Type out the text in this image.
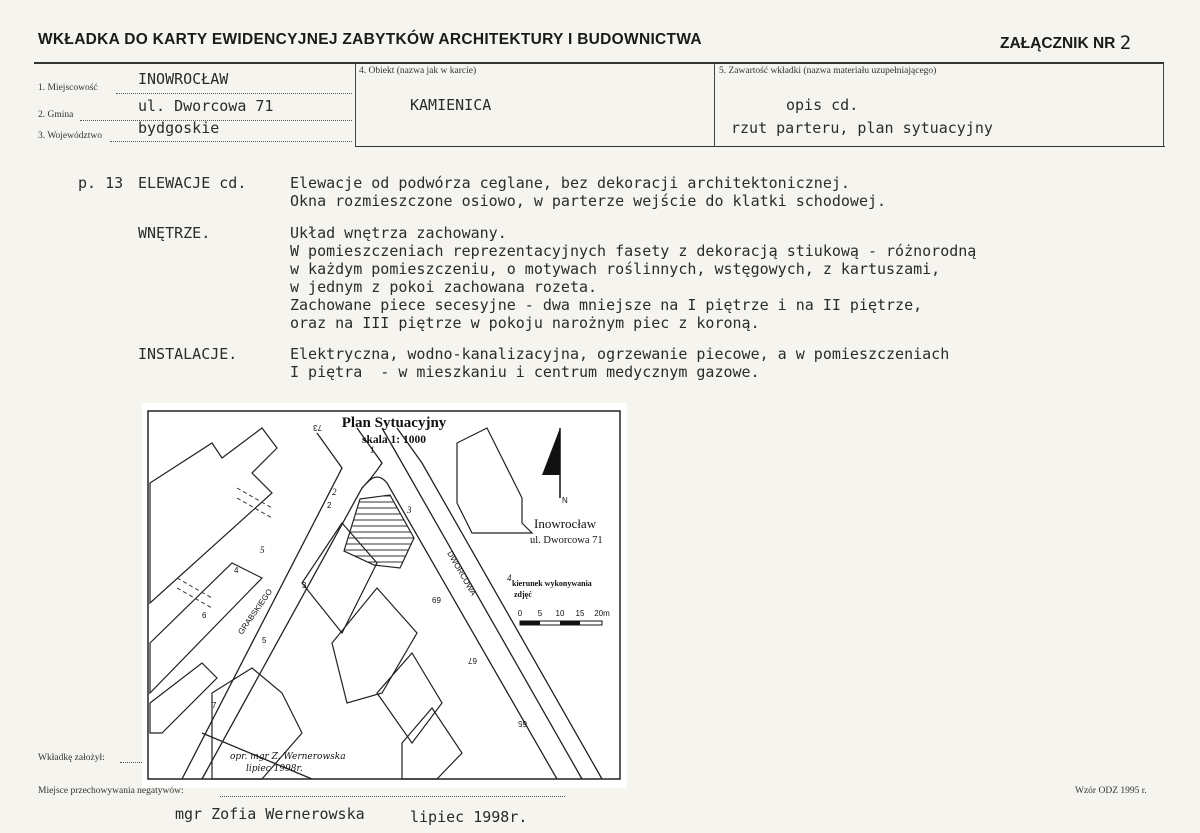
WKŁADKA DO KARTY EWIDENCYJNEJ ZABYTKÓW ARCHITEKTURY I BUDOWNICTWA	ZAŁĄCZNIK NR 2
1. Miejscowość	INOWROCŁAW
2. Gmina	ul. Dworcowa 71
3. Województwo bydgoskie
4. Obiekt (nazwa jak w karcie)
KAMIENICA
5. Zawartość wkładki (nazwa materiału uzupełniającego)
opis cd.
rzut parteru, plan sytuacyjny
p. 13 ELEWACJE cd.	Elewacje od podwórza ceglane, bez dekoracji architektonicznej.
Okna rozmieszczone osiowo, w parterze wejście do klatki schodowej.
WNĘTRZE.	Układ wnętrza zachowany.
W pomieszczeniach reprezentacyjnych fasety z dekoracją stiukową - różnorodną
w każdym pomieszczeniu, o motywach roślinnych, wstęgowych, z kartuszami,
w jednym z pokoi zachowana rozeta.
Zachowane piece secesyjne - dwa mniejsze na I piętrze i na II piętrze,
oraz na III piętrze w pokoju narożnym piec z koroną.
INSTALACJE.	Elektryczna, wodno-kanalizacyjna, ogrzewanie piecowe, a w pomieszczeniach
I piętra  - w mieszkaniu i centrum medycznym gazowe.
Plan Sytuacyjny
skala 1: 1000
N
Inowrocław
ul. Dworcowa 71
kierunek wykonywania
zdjęć
0 5 10 15 20m
GRABSKIEGO
DWORCOWA
2
3
5
4
6
7
69
67
65
73
1
3
2
5
4
opr. mgr Z. Wernerowska
lipiec 1998r.
Wkładkę założył:
Miejsce przechowywania negatywów:	Wzór ODZ 1995 r.
mgr Zofia Wernerowska	lipiec 1998r.
